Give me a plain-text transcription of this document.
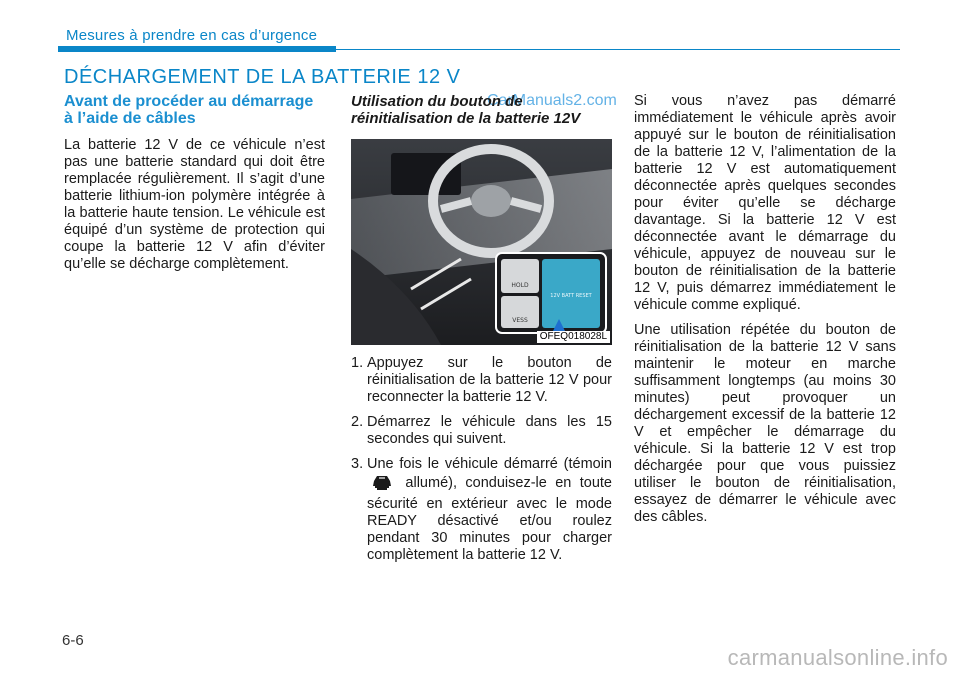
Mesures à prendre en cas d’urgence
DÉCHARGEMENT DE LA BATTERIE 12 V
CarManuals2.com
Avant de procéder au démarrage à l’aide de câbles

La batterie 12 V de ce véhicule n’est pas une batterie standard qui doit être remplacée régulièrement. Il s’agit d’une batterie lithium-ion polymère intégrée à la batterie haute tension. Le véhicule est équipé d’un système de protection qui coupe la batterie 12 V afin d’éviter qu’elle se décharge complètement.

Utilisation du bouton de réinitialisation de la batterie 12V
HOLD
VESS
12V BATT RESET
OFEQ018028L
1. Appuyez sur le bouton de réinitialisation de la batterie 12 V pour reconnecter la batterie 12 V.
2. Démarrez le véhicule dans les 15 secondes qui suivent.
3. Une fois le véhicule démarré (témoin  allumé), conduisez-le en toute sécurité en extérieur avec le mode READY désactivé et/ou roulez pendant 30 minutes pour charger complètement la batterie 12 V.

Si vous n’avez pas démarré immédiatement le véhicule après avoir appuyé sur le bouton de réinitialisation de la batterie 12 V, l’alimentation de la batterie 12 V est automatiquement déconnectée après quelques secondes pour éviter qu’elle se décharge davantage. Si la batterie 12 V est déconnectée avant le démarrage du véhicule, appuyez de nouveau sur le bouton de réinitialisation de la batterie 12 V, puis démarrez immédiatement le véhicule comme expliqué.

Une utilisation répétée du bouton de réinitialisation de la batterie 12 V sans maintenir le moteur en marche suffisamment longtemps (au moins 30 minutes) peut provoquer un déchargement excessif de la batterie 12 V et empêcher le démarrage du véhicule. Si la batterie 12 V est trop déchargée pour que vous puissiez utiliser le bouton de réinitialisation, essayez de démarrer le véhicule avec des câbles.

6-6
carmanualsonline.info
